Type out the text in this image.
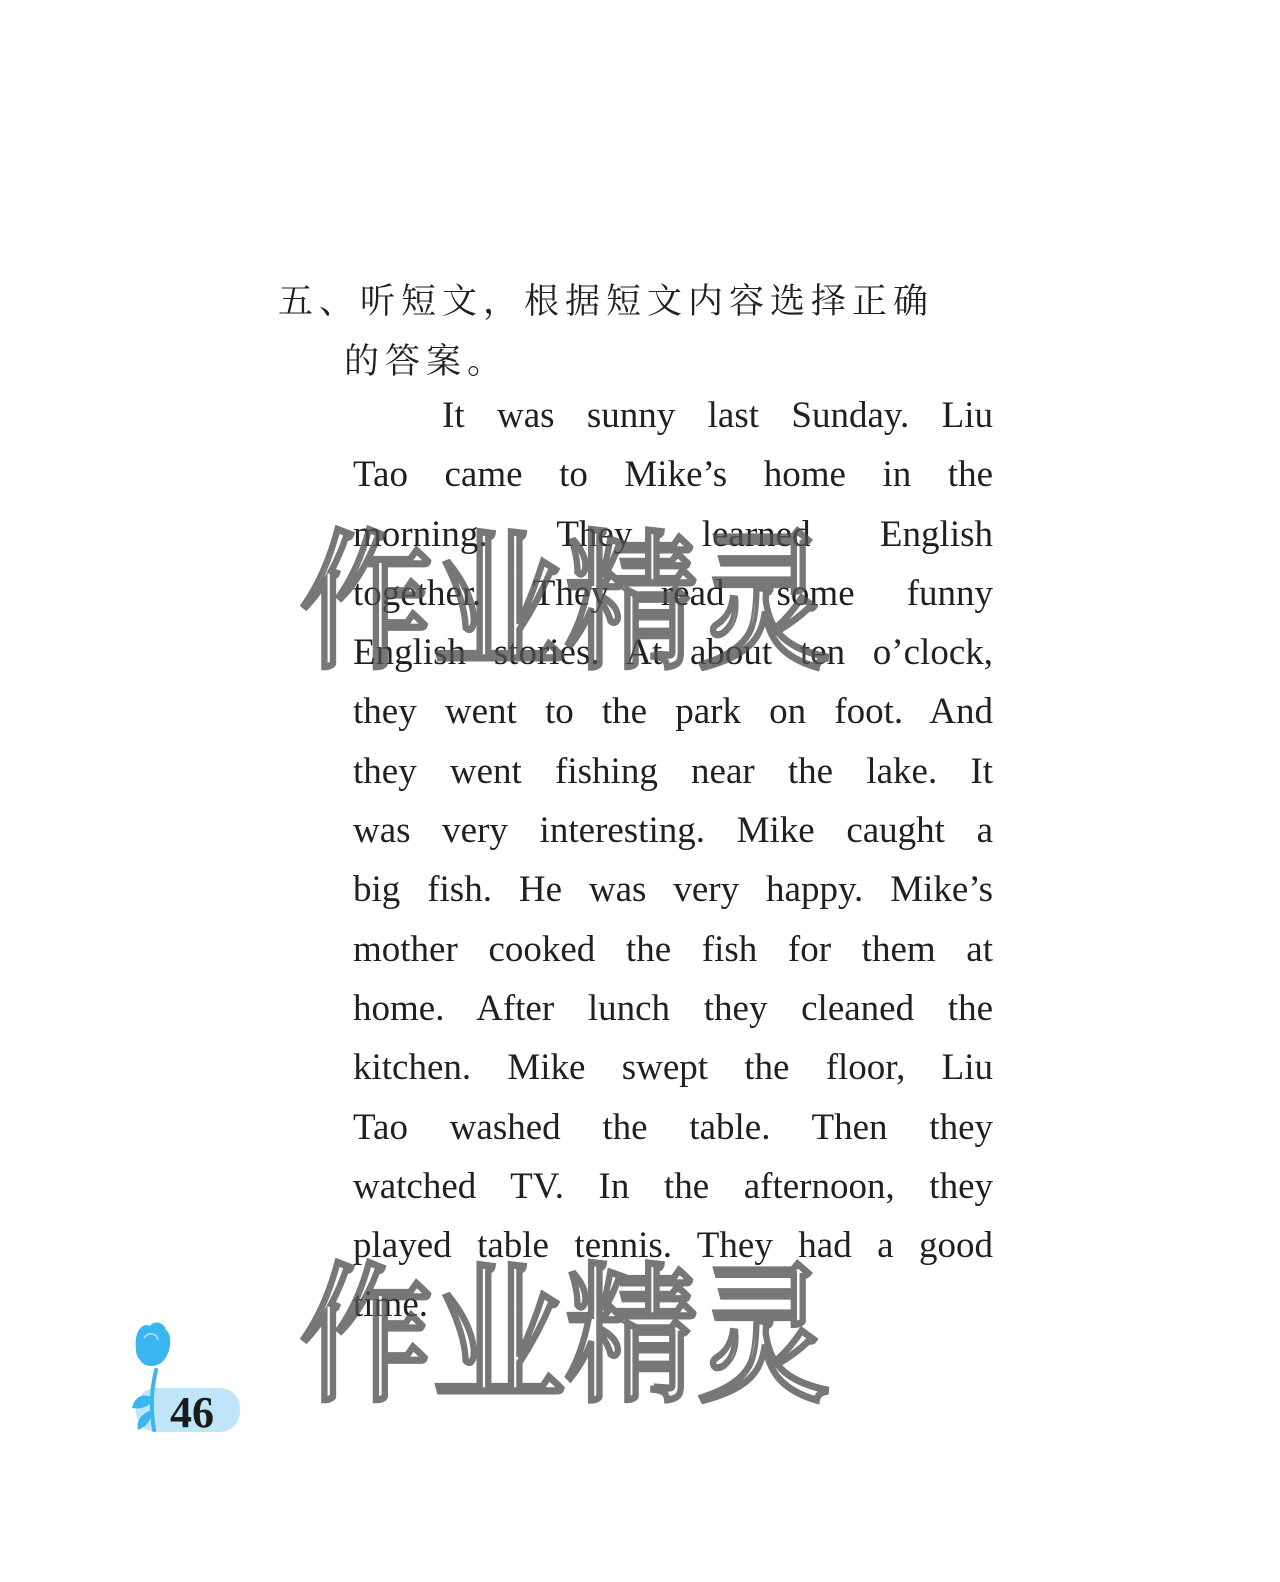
五、听短文，根据短文内容选择正确
的答案。
It was sunny last Sunday. Liu
Tao came to Mike’s home in the
morning. They learned English
together. They read some funny
English stories. At about ten o’clock,
they went to the park on foot. And
they went fishing near the lake. It
was very interesting. Mike caught a
big fish. He was very happy. Mike’s
mother cooked the fish for them at
home. After lunch they cleaned the
kitchen. Mike swept the floor, Liu
Tao washed the table. Then they
watched TV. In the afternoon, they
played table tennis. They had a good
time.
作业精灵
作业精灵
46
